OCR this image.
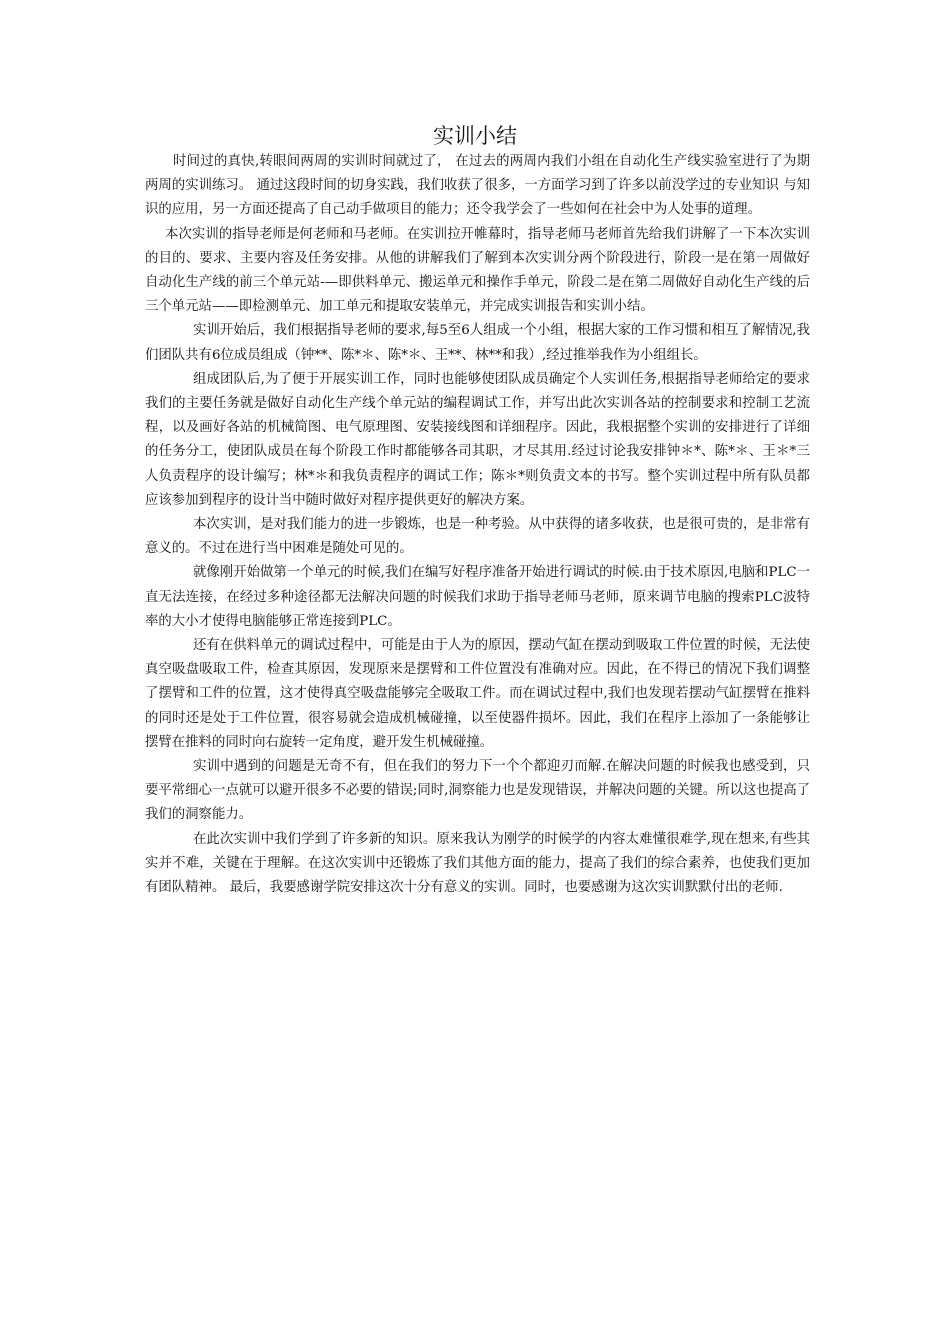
实训小结

时间过的真快,转眼间两周的实训时间就过了， 在过去的两周内我们小组在自动化生产线实验室进行了为期两周的实训练习。 通过这段时间的切身实践，我们收获了很多，一方面学习到了许多以前没学过的专业知识 与知识的应用，另一方面还提高了自己动手做项目的能力；还令我学会了一些如何在社会中为人处事的道理。

本次实训的指导老师是何老师和马老师。在实训拉开帷幕时，指导老师马老师首先给我们讲解了一下本次实训的目的、要求、主要内容及任务安排。从他的讲解我们了解到本次实训分两个阶段进行，阶段一是在第一周做好自动化生产线的前三个单元站-—即供料单元、搬运单元和操作手单元，阶段二是在第二周做好自动化生产线的后三个单元站——即检测单元、加工单元和提取安装单元，并完成实训报告和实训小结。

实训开始后，我们根据指导老师的要求,每5至6人组成一个小组，根据大家的工作习惯和相互了解情况,我们团队共有6位成员组成（钟**、陈*＊、陈*＊、王**、林**和我）,经过推举我作为小组组长。

组成团队后,为了便于开展实训工作，同时也能够使团队成员确定个人实训任务,根据指导老师给定的要求我们的主要任务就是做好自动化生产线个单元站的编程调试工作，并写出此次实训各站的控制要求和控制工艺流程，以及画好各站的机械简图、电气原理图、安装接线图和详细程序。因此，我根据整个实训的安排进行了详细的任务分工，使团队成员在每个阶段工作时都能够各司其职，才尽其用.经过讨论我安排钟＊*、陈*＊、王＊*三人负责程序的设计编写；林*＊和我负责程序的调试工作；陈＊*则负责文本的书写。整个实训过程中所有队员都应该参加到程序的设计当中随时做好对程序提供更好的解决方案。

本次实训，是对我们能力的进一步锻炼，也是一种考验。从中获得的诸多收获，也是很可贵的，是非常有意义的。不过在进行当中困难是随处可见的。

就像刚开始做第一个单元的时候,我们在编写好程序准备开始进行调试的时候.由于技术原因,电脑和PLC一直无法连接，在经过多种途径都无法解决问题的时候我们求助于指导老师马老师，原来调节电脑的搜索PLC波特率的大小才使得电脑能够正常连接到PLC。

还有在供料单元的调试过程中，可能是由于人为的原因，摆动气缸在摆动到吸取工件位置的时候，无法使真空吸盘吸取工件，检查其原因，发现原来是摆臂和工件位置没有准确对应。因此，在不得已的情况下我们调整了摆臂和工件的位置，这才使得真空吸盘能够完全吸取工件。而在调试过程中,我们也发现若摆动气缸摆臂在推料的同时还是处于工件位置，很容易就会造成机械碰撞，以至使器件损坏。因此，我们在程序上添加了一条能够让摆臂在推料的同时向右旋转一定角度，避开发生机械碰撞。

实训中遇到的问题是无奇不有，但在我们的努力下一个个都迎刃而解.在解决问题的时候我也感受到，只要平常细心一点就可以避开很多不必要的错误;同时,洞察能力也是发现错误，并解决问题的关键。所以这也提高了我们的洞察能力。

在此次实训中我们学到了许多新的知识。原来我认为刚学的时候学的内容太难懂很难学,现在想来,有些其实并不难，关键在于理解。在这次实训中还锻炼了我们其他方面的能力，提高了我们的综合素养，也使我们更加有团队精神。 最后，我要感谢学院安排这次十分有意义的实训。同时，也要感谢为这次实训默默付出的老师.
